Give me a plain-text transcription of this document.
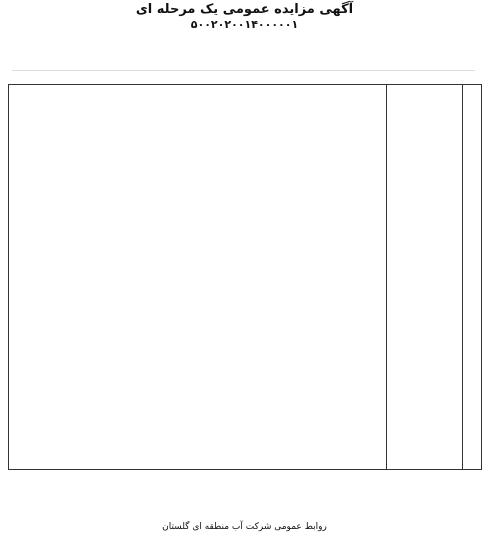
آگهی مزایده عمومی یک مرحله ای
۵۰۰۲۰۲۰۰۱۴۰۰۰۰۰۱
روابط عمومی شرکت آب منطقه ای گلستان
